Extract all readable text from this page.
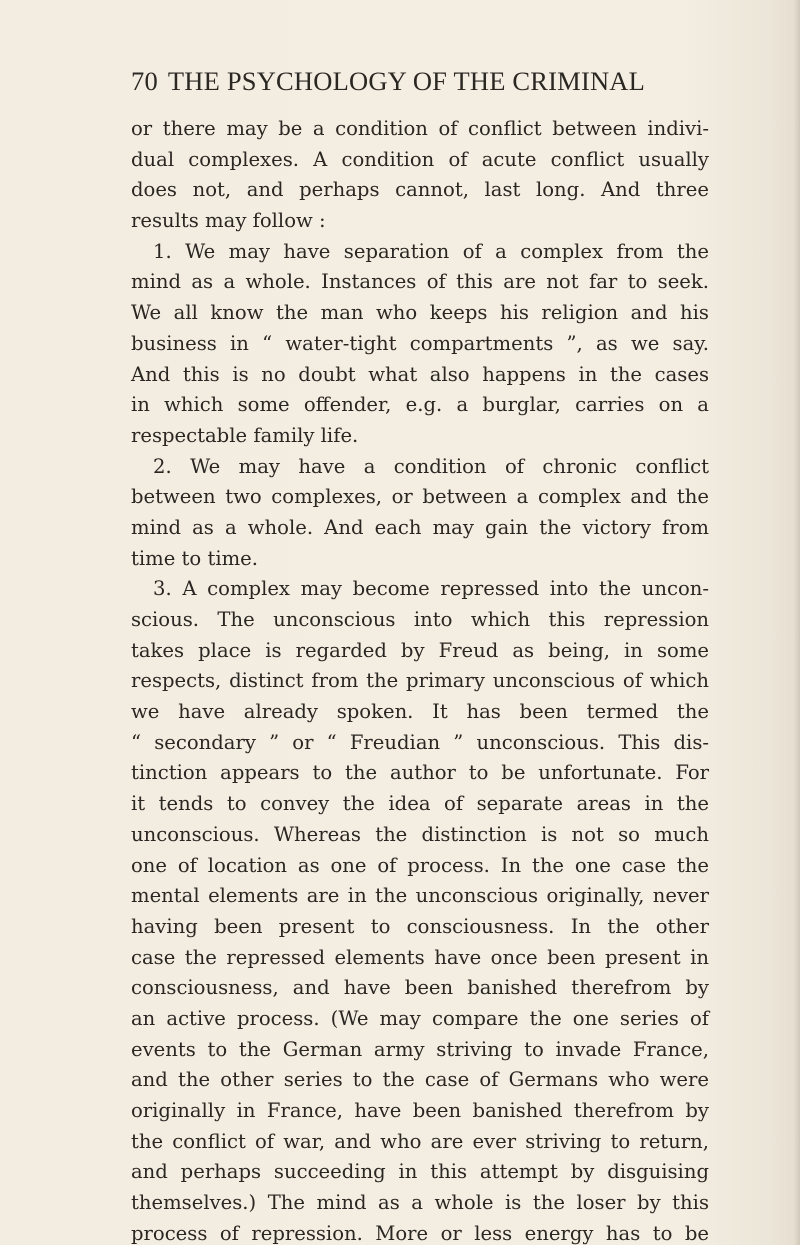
70 THE PSYCHOLOGY OF THE CRIMINAL
or there may be a condition of conflict between indivi-
dual complexes. A condition of acute conflict usually
does not, and perhaps cannot, last long. And three
results may follow :
1. We may have separation of a complex from the
mind as a whole. Instances of this are not far to seek.
We all know the man who keeps his religion and his
business in “ water-tight compartments ”, as we say.
And this is no doubt what also happens in the cases
in which some offender, e.g. a burglar, carries on a
respectable family life.
2. We may have a condition of chronic conflict
between two complexes, or between a complex and the
mind as a whole. And each may gain the victory from
time to time.
3. A complex may become repressed into the uncon-
scious. The unconscious into which this repression
takes place is regarded by Freud as being, in some
respects, distinct from the primary unconscious of which
we have already spoken. It has been termed the
“ secondary ” or “ Freudian ” unconscious. This dis-
tinction appears to the author to be unfortunate. For
it tends to convey the idea of separate areas in the
unconscious. Whereas the distinction is not so much
one of location as one of process. In the one case the
mental elements are in the unconscious originally, never
having been present to consciousness. In the other
case the repressed elements have once been present in
consciousness, and have been banished therefrom by
an active process. (We may compare the one series of
events to the German army striving to invade France,
and the other series to the case of Germans who were
originally in France, have been banished therefrom by
the conflict of war, and who are ever striving to return,
and perhaps succeeding in this attempt by disguising
themselves.) The mind as a whole is the loser by this
process of repression. More or less energy has to be
